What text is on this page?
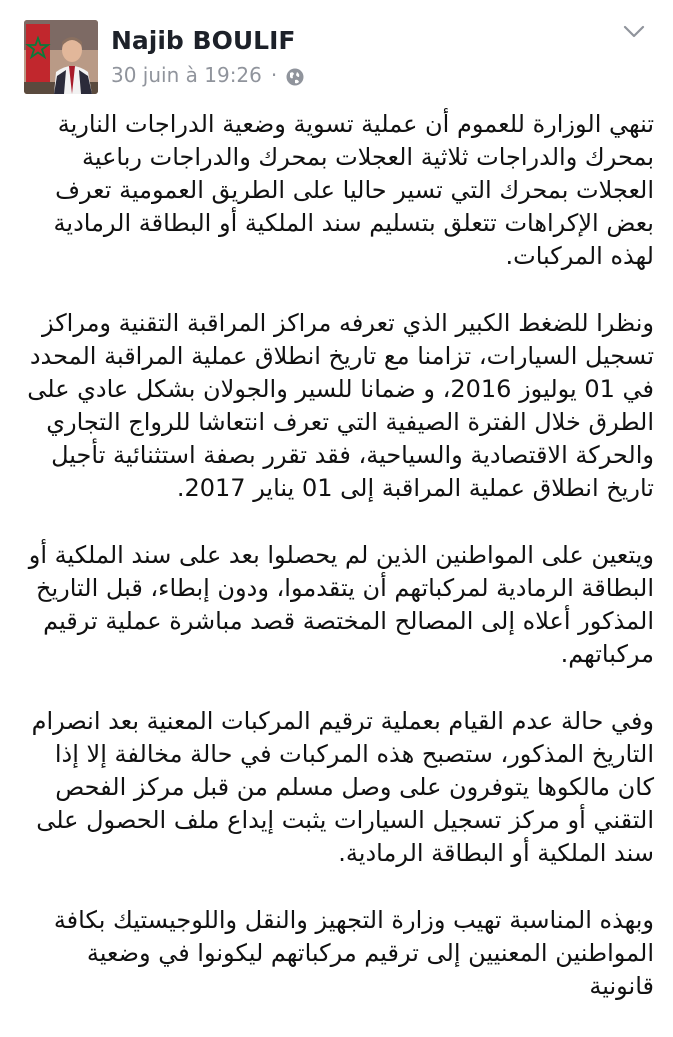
Najib BOULIF
30 juin à 19:26 ·

تنهي الوزارة للعموم أن عملية تسوية وضعية الدراجات النارية بمحرك والدراجات ثلاثية العجلات بمحرك والدراجات رباعية العجلات بمحرك التي تسير حاليا على الطريق العمومية تعرف بعض الإكراهات تتعلق بتسليم سند الملكية أو البطاقة الرمادية لهذه المركبات.

ونظرا للضغط الكبير الذي تعرفه مراكز المراقبة التقنية ومراكز تسجيل السيارات، تزامنا مع تاريخ انطلاق عملية المراقبة المحدد في 01 يوليوز 2016، و ضمانا للسير والجولان بشكل عادي على الطرق خلال الفترة الصيفية التي تعرف انتعاشا للرواج التجاري والحركة الاقتصادية والسياحية، فقد تقرر بصفة استثنائية تأجيل تاريخ انطلاق عملية المراقبة إلى 01 يناير 2017.

ويتعين على المواطنين الذين لم يحصلوا بعد على سند الملكية أو البطاقة الرمادية لمركباتهم أن يتقدموا، ودون إبطاء، قبل التاريخ المذكور أعلاه إلى المصالح المختصة قصد مباشرة عملية ترقيم مركباتهم.

وفي حالة عدم القيام بعملية ترقيم المركبات المعنية بعد انصرام التاريخ المذكور، ستصبح هذه المركبات في حالة مخالفة إلا إذا كان مالكوها يتوفرون على وصل مسلم من قبل مركز الفحص التقني أو مركز تسجيل السيارات يثبت إيداع ملف الحصول على سند الملكية أو البطاقة الرمادية.

وبهذه المناسبة تهيب وزارة التجهيز والنقل واللوجيستيك بكافة المواطنين المعنيين إلى ترقيم مركباتهم ليكونوا في وضعية قانونية
